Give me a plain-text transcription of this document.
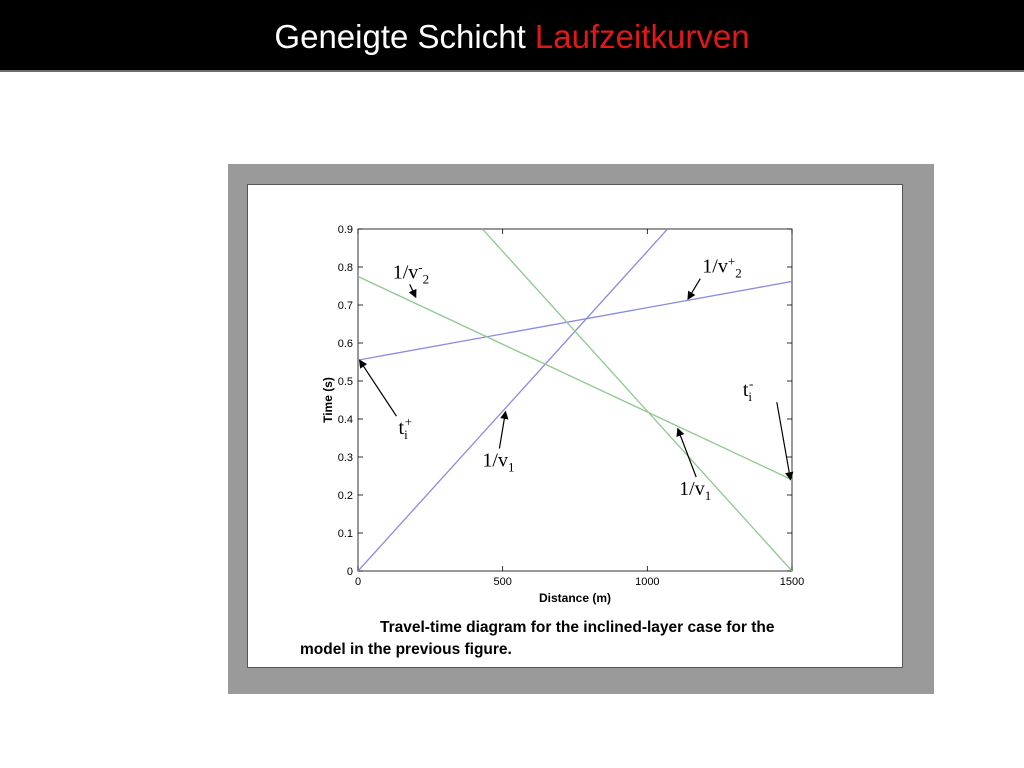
Geneigte Schicht Laufzeitkurven
0	500	1000	1500
0
0.1
0.2
0.3
0.4
0.5
0.6
0.7
0.8
0.9
Distance (m)
Time (s)
$1/v^-_2$
$1/v^+_2$
$t_i+$
$t_i-$
$1/v_1$
$1/v_1$
Travel-time diagram for the inclined-layer case for the model in the previous figure.
